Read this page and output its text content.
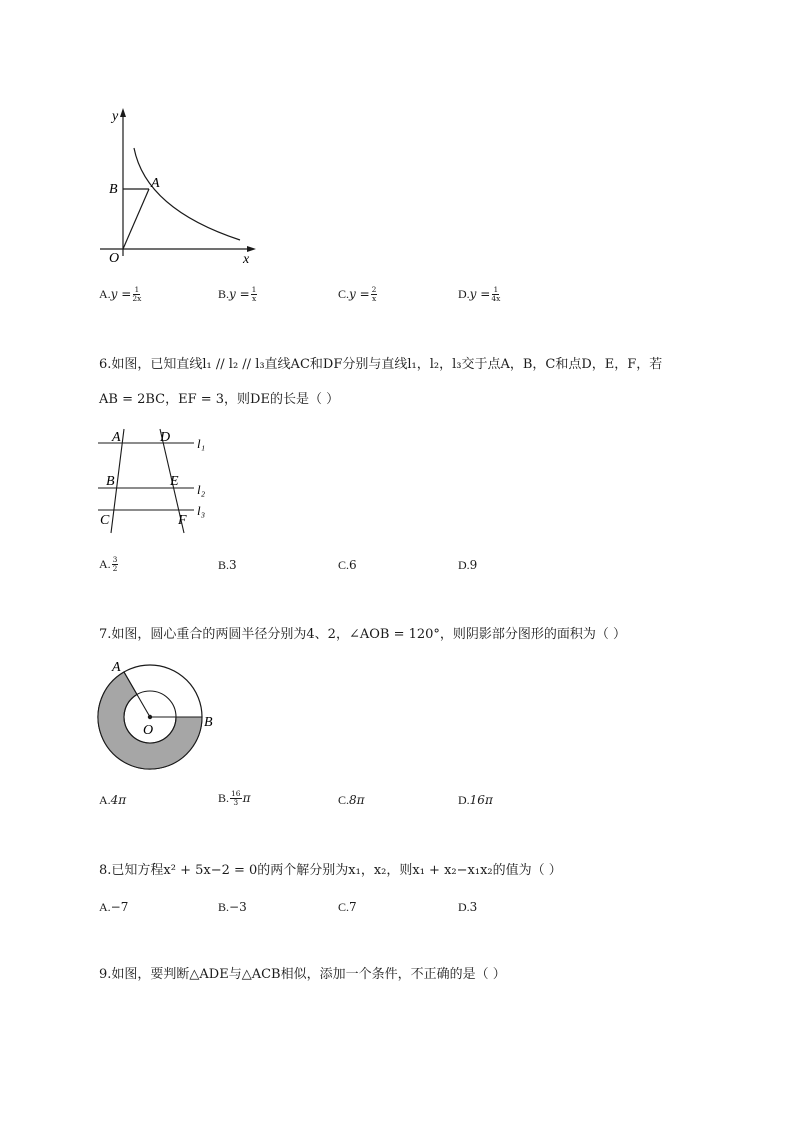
y
x
O
B A
$A.y = \frac{1}{2x}$	$B.y = \frac{1}{x}$	$C.y = \frac{2}{x}$	$D.y = \frac{1}{4x}$
6.如图，已知直线l₁ // l₂ // l₃直线AC和DF分别与直线l₁，l₂，l₃交于点A，B，C和点D，E，F，若
AB = 2BC，EF = 3，则DE的长是（ ）
A	D
B	E
C	F
l₁
l₂
l₃
A. $\frac{3}{2}$	B.3	C.6	D.9
7.如图，圆心重合的两圆半径分别为4、2，∠AOB = 120°，则阴影部分图形的面积为（ ）
A
B
O
A.4π	B. $\frac{16}{3}$ π	C.8π	D.16π
8.已知方程x² + 5x−2 = 0的两个解分别为x₁，x₂，则x₁ + x₂−x₁x₂的值为（ ）
A.−7	B.−3	C.7	D.3
9.如图，要判断△ADE与△ACB相似，添加一个条件，不正确的是（ ）
